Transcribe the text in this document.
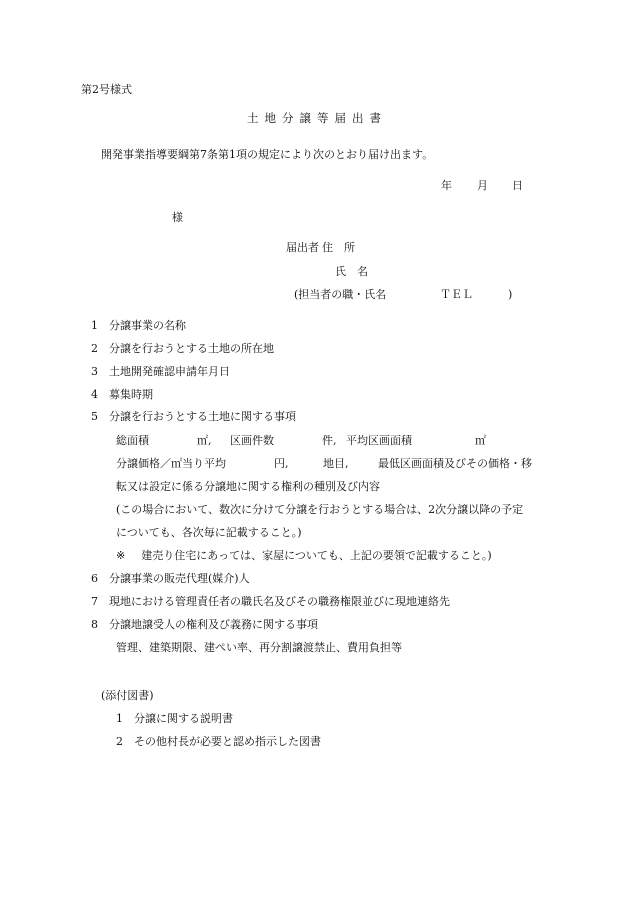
第2号様式
土地分譲等届出書
開発事業指導要綱第7条第1項の規定により次のとおり届け出ます。
年 月 日
様
届出者 住　所
氏　名
(担当者の職・氏名	ＴＥＬ	)
1 分譲事業の名称
2 分譲を行おうとする土地の所在地
3 土地開発確認申請年月日
4 募集時期
5 分譲を行おうとする土地に関する事項
総面積	㎡, 区画件数	件, 平均区画面積	㎡
分譲価格／㎡当り平均	円,	地目,	最低区画面積及びその価格・移
転又は設定に係る分譲地に関する権利の種別及び内容
(この場合において、数次に分けて分譲を行おうとする場合は、2次分譲以降の予定
についても、各次毎に記載すること。)
※ 建売り住宅にあっては、家屋についても、上記の要領で記載すること。)
6 分譲事業の販売代理(媒介)人
7 現地における管理責任者の職氏名及びその職務権限並びに現地連絡先
8 分譲地譲受人の権利及び義務に関する事項
管理、建築期限、建ぺい率、再分割譲渡禁止、費用負担等
(添付図書)
1 分譲に関する説明書
2 その他村長が必要と認め指示した図書
